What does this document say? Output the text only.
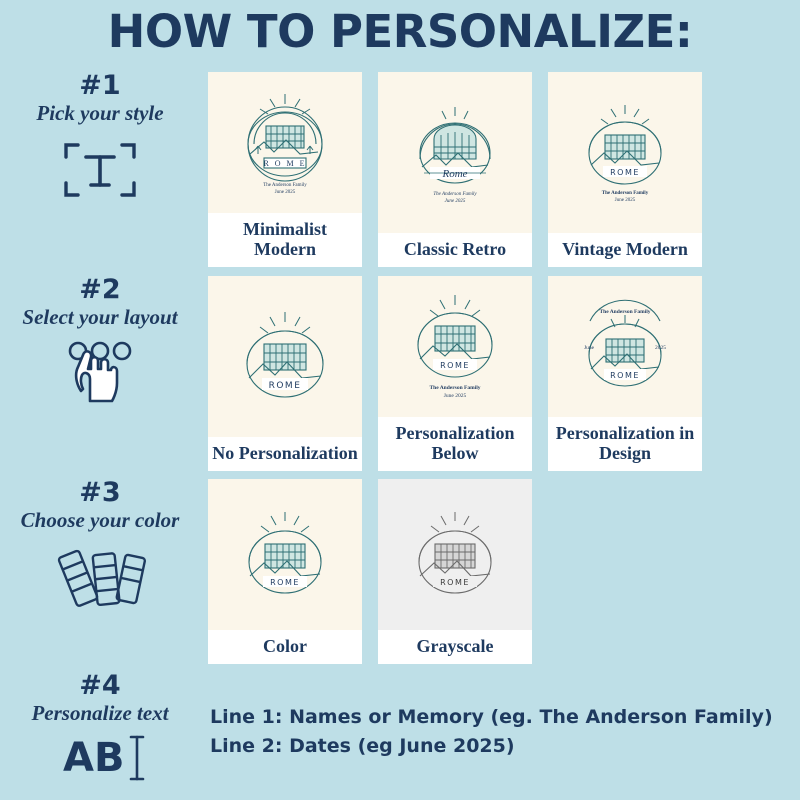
HOW TO PERSONALIZE:
#1
Pick your style
R O M E
The Anderson Family
June 2025
Minimalist Modern
Rome
The Anderson Family
June 2025
Classic Retro
ROME
The Anderson Family
June 2025
Vintage Modern
#2
Select your layout
ROME
No Personalization
ROME
The Anderson Family
June 2025
Personalization Below
ROME
The Anderson Family
June	2025
Personalization in Design
#3
Choose your color
ROME
Color
ROME
Grayscale
#4
Personalize text
AB
Line 1: Names or Memory (eg. The Anderson Family)
Line 2: Dates (eg June 2025)
